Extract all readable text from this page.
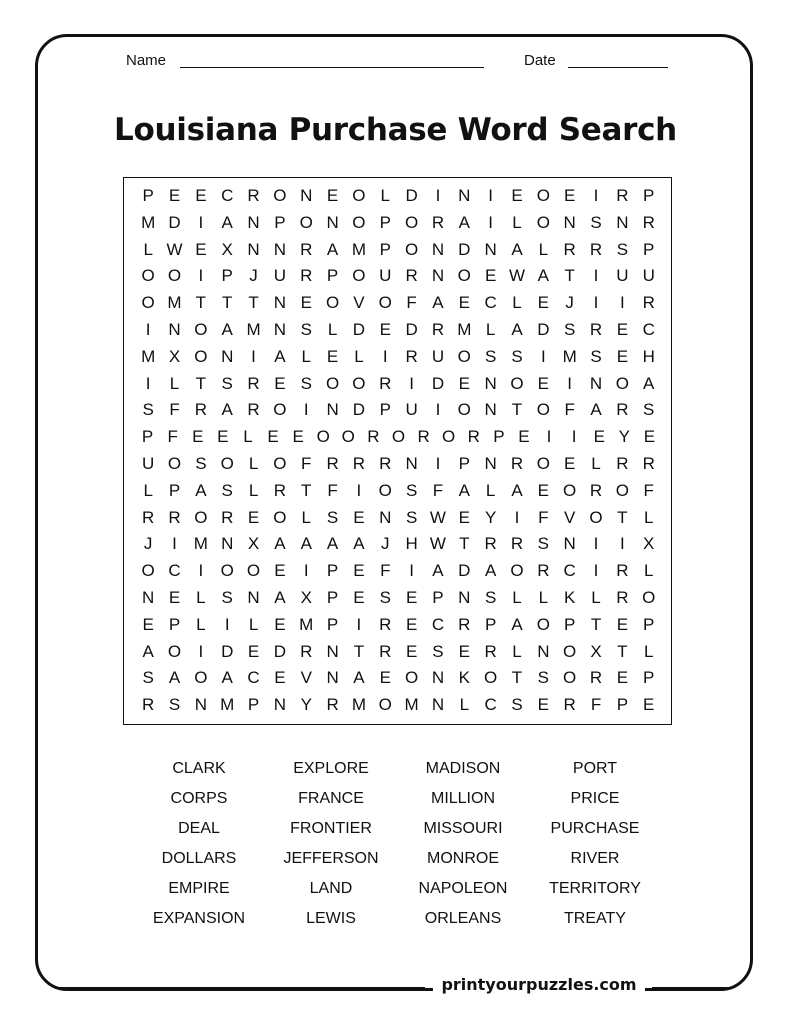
Name	Date
Louisiana Purchase Word Search
P E E C R O N E O L D	I	N	I	E O E	I	R P
M D	I	A N P O N O P O R A	I	L O N S N R
L W E X N N R A M P O N D N A L R R S P
O O	I	P J U R P O U R N O E W A T	I	U U
O M T T T N E O V O F A E C L E J	I	I	R
I	N O A M N S L D E D R M L A D S R E C
M X O N	I	A L E L	I	R U O S S	I M S E H
I	L T S R E S O O R	I	D E N O E	I	N O A
S F R A R O	I	N D P U	I	O N T O F A R S
P F E E L E E O O R O R O R P E	I	I	E Y E
U O S O L O F R R R N	I	P N R O E L R R
L P A S L R T F	I	O S F A L A E O R O F
R R O R E O L S E N S W E Y	I	F V O T L
J	I M N X A A A A J H W T R R S N	I	I	X
O C	I	O O E	I	P E F	I	A D A O R C	I	R L
N E L S N A X P E S E P N S L L K L R O
E P L	I	L E M P	I	R E C R P A O P T E P
A O	I	D E D R N T R E S E R L N O X T L
S A O A C E V N A E O N K O T S O R E P
R S N M P N Y R M O M N L C S E R F P E
CLARK	EXPLORE	MADISON	PORT
CORPS	FRANCE	MILLION	PRICE
DEAL	FRONTIER	MISSOURI	PURCHASE
DOLLARS	JEFFERSON	MONROE	RIVER
EMPIRE	LAND	NAPOLEON	TERRITORY
EXPANSION	LEWIS	ORLEANS	TREATY
printyourpuzzles.com
